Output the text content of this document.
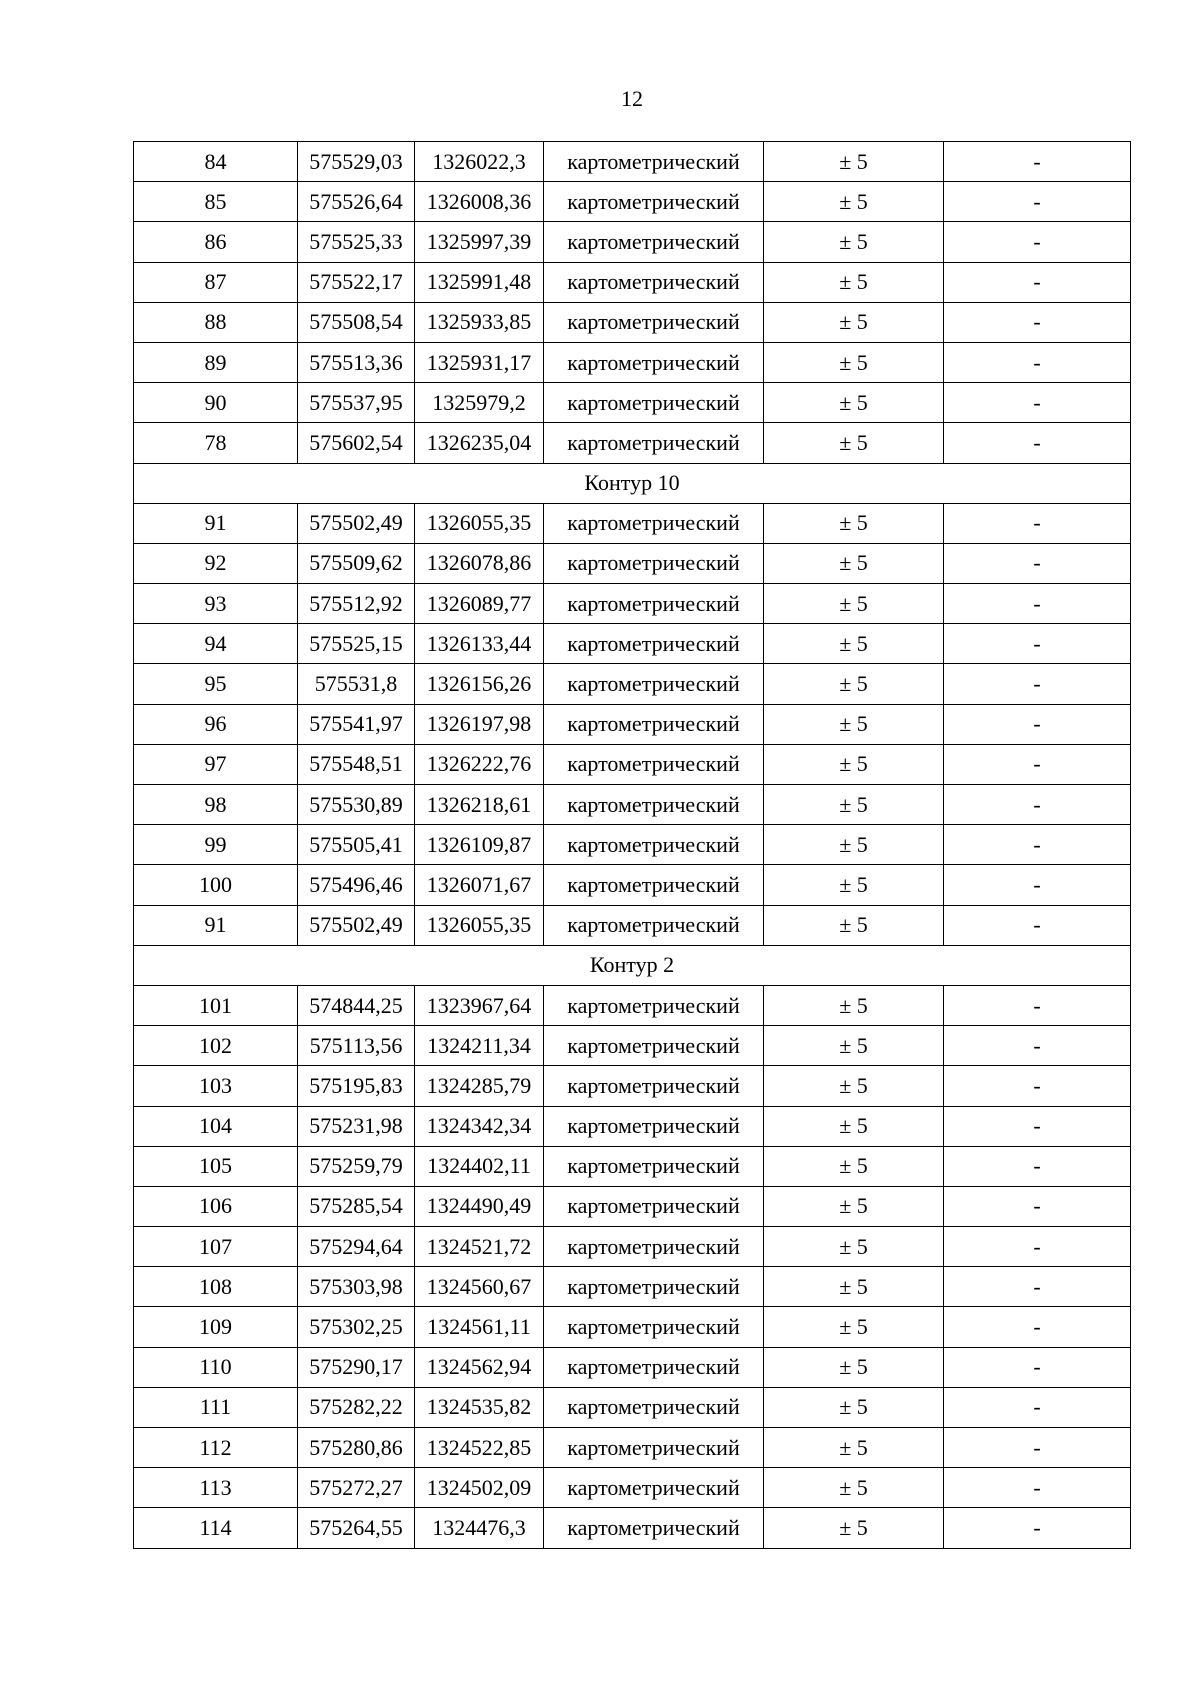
12
84	575529,03	1326022,3	картометрический	± 5	-
85	575526,64	1326008,36	картометрический	± 5	-
86	575525,33	1325997,39	картометрический	± 5	-
87	575522,17	1325991,48	картометрический	± 5	-
88	575508,54	1325933,85	картометрический	± 5	-
89	575513,36	1325931,17	картометрический	± 5	-
90	575537,95	1325979,2	картометрический	± 5	-
78	575602,54	1326235,04	картометрический	± 5	-
Контур 10					
91	575502,49	1326055,35	картометрический	± 5	-
92	575509,62	1326078,86	картометрический	± 5	-
93	575512,92	1326089,77	картометрический	± 5	-
94	575525,15	1326133,44	картометрический	± 5	-
95	575531,8	1326156,26	картометрический	± 5	-
96	575541,97	1326197,98	картометрический	± 5	-
97	575548,51	1326222,76	картометрический	± 5	-
98	575530,89	1326218,61	картометрический	± 5	-
99	575505,41	1326109,87	картометрический	± 5	-
100	575496,46	1326071,67	картометрический	± 5	-
91	575502,49	1326055,35	картометрический	± 5	-
Контур 2					
101	574844,25	1323967,64	картометрический	± 5	-
102	575113,56	1324211,34	картометрический	± 5	-
103	575195,83	1324285,79	картометрический	± 5	-
104	575231,98	1324342,34	картометрический	± 5	-
105	575259,79	1324402,11	картометрический	± 5	-
106	575285,54	1324490,49	картометрический	± 5	-
107	575294,64	1324521,72	картометрический	± 5	-
108	575303,98	1324560,67	картометрический	± 5	-
109	575302,25	1324561,11	картометрический	± 5	-
110	575290,17	1324562,94	картометрический	± 5	-
111	575282,22	1324535,82	картометрический	± 5	-
112	575280,86	1324522,85	картометрический	± 5	-
113	575272,27	1324502,09	картометрический	± 5	-
114	575264,55	1324476,3	картометрический	± 5	-
